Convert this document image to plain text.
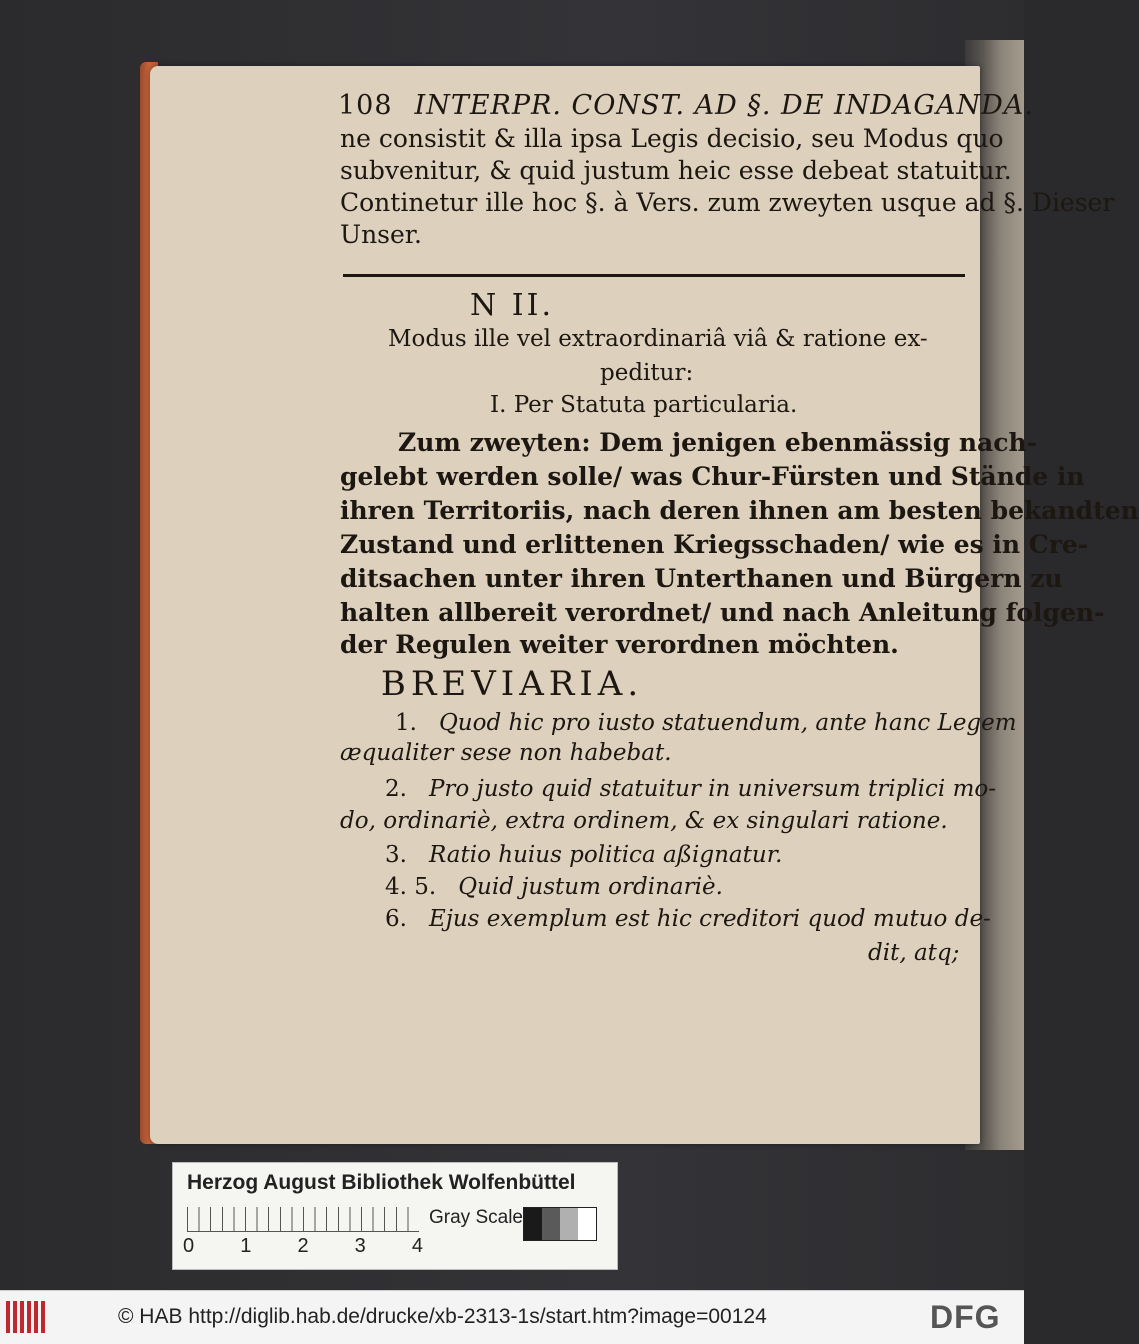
108 INTERPR. CONST. AD §. DE INDAGANDA.
ne consistit & illa ipsa Legis decisio, seu Modus quo
subvenitur, & quid justum heic esse debeat statuitur.
Continetur ille hoc §. à Vers. zum zweyten usque ad §. Dieser
Unser.
N II.
Modus ille vel extraordinariâ viâ & ratione ex-
peditur:
I. Per Statuta particularia.
Zum zweyten: Dem jenigen ebenmässig nach-
gelebt werden solle/ was Chur-Fürsten und Stände in
ihren Territoriis, nach deren ihnen am besten bekandten
Zustand und erlittenen Kriegsschaden/ wie es in Cre-
ditsachen unter ihren Unterthanen und Bürgern zu
halten allbereit verordnet/ und nach Anleitung folgen-
der Regulen weiter verordnen möchten.
BREVIARIA.
1. Quod hic pro iusto statuendum, ante hanc Legem
æqualiter sese non habebat.
2. Pro justo quid statuitur in universum triplici mo-
do, ordinariè, extra ordinem, & ex singulari ratione.
3. Ratio huius politica aßignatur.
4. 5. Quid justum ordinariè.
6. Ejus exemplum est hic creditori quod mutuo de-
dit, atq;
Herzog August Bibliothek Wolfenbüttel
0 1 2 3 4
Gray Scale
© HAB http://diglib.hab.de/drucke/xb-2313-1s/start.htm?image=00124	DFG
